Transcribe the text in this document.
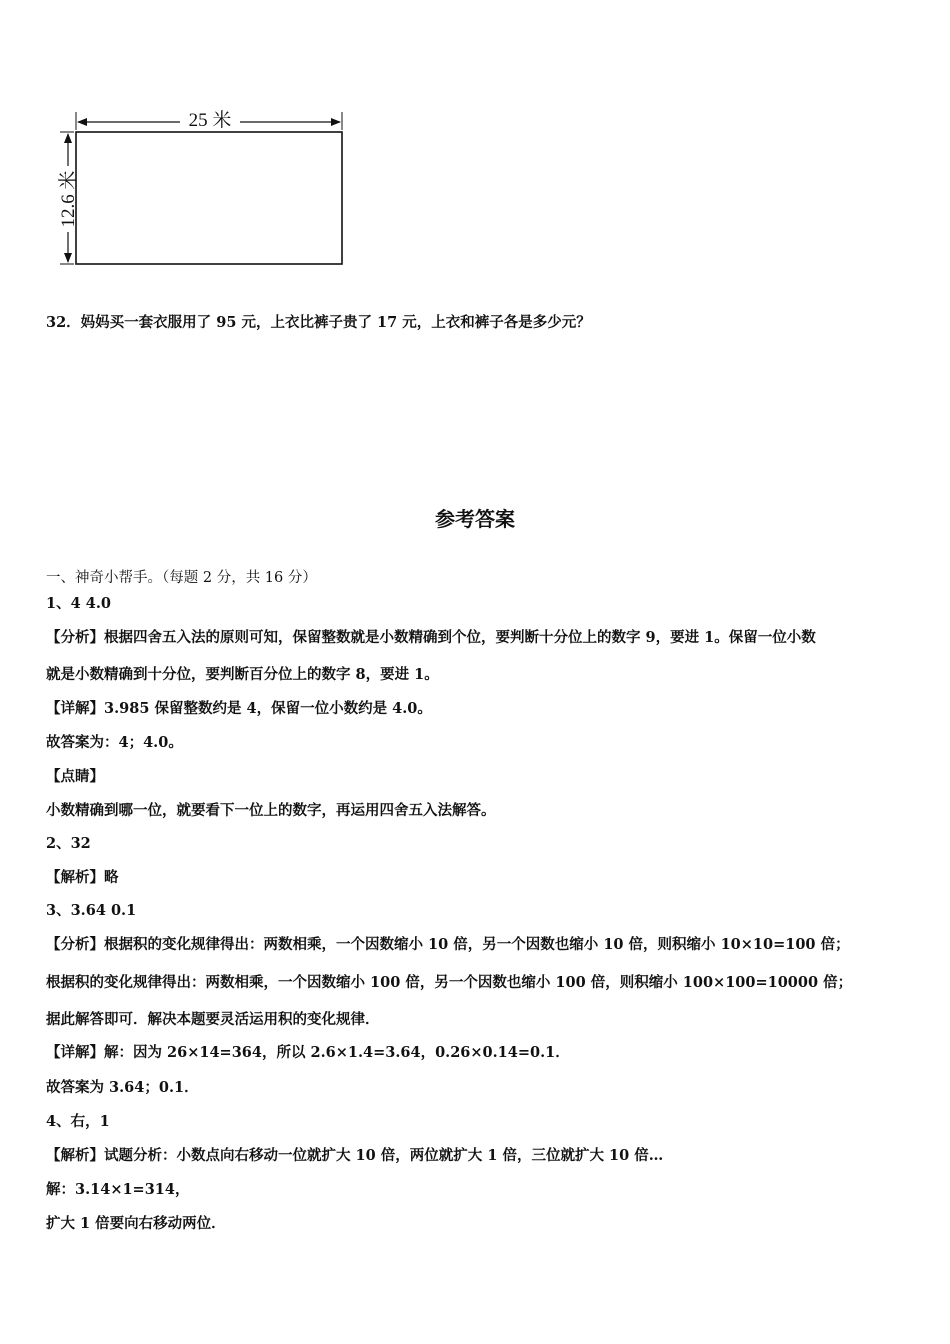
25 米
12.6 米
32．妈妈买一套衣服用了 95 元，上衣比裤子贵了 17 元，上衣和裤子各是多少元？
参考答案
一、神奇小帮手。（每题 2 分，共 16 分）
1、4 4.0
【分析】根据四舍五入法的原则可知，保留整数就是小数精确到个位，要判断十分位上的数字 9，要进 1。保留一位小数
就是小数精确到十分位，要判断百分位上的数字 8，要进 1。
【详解】3.985 保留整数约是 4，保留一位小数约是 4.0。
故答案为：4；4.0。
【点睛】
小数精确到哪一位，就要看下一位上的数字，再运用四舍五入法解答。
2、32
【解析】略
3、3.64 0.1
【分析】根据积的变化规律得出：两数相乘，一个因数缩小 10 倍，另一个因数也缩小 10 倍，则积缩小 10×10=100 倍；
根据积的变化规律得出：两数相乘，一个因数缩小 100 倍，另一个因数也缩小 100 倍，则积缩小 100×100=10000 倍；
据此解答即可．解决本题要灵活运用积的变化规律．
【详解】解：因为 26×14=364，所以 2.6×1.4=3.64，0.26×0.14=0.1．
故答案为 3.64；0.1．
4、右，1
【解析】试题分析：小数点向右移动一位就扩大 10 倍，两位就扩大 1 倍，三位就扩大 10 倍…
解：3.14×1=314，
扩大 1 倍要向右移动两位．
